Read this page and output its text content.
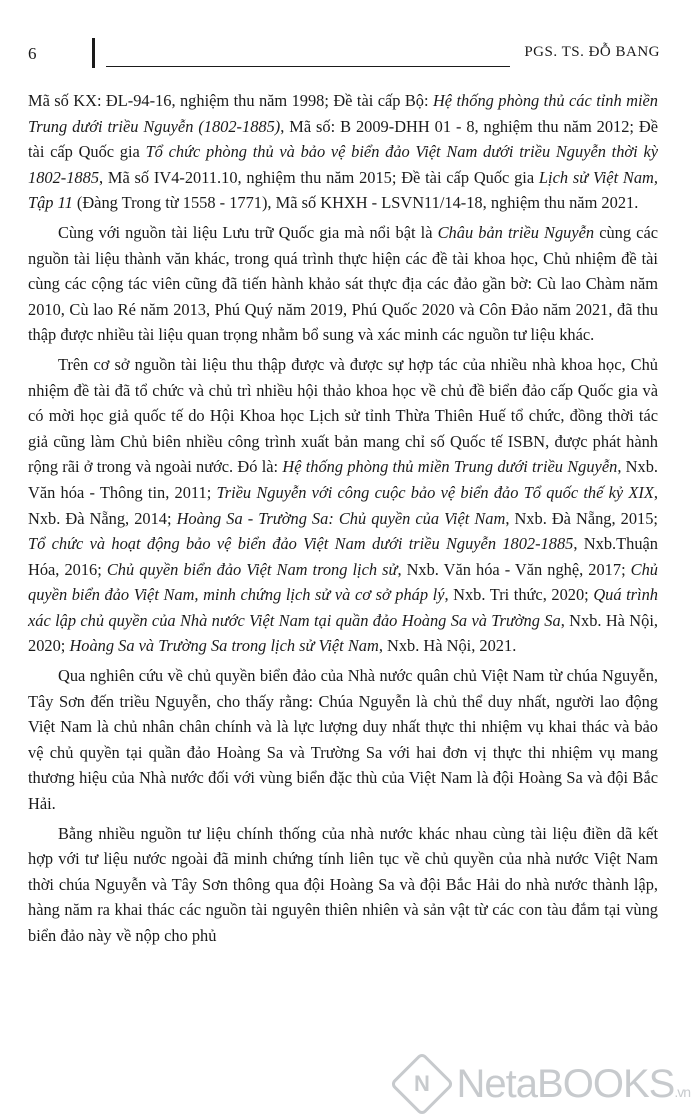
6	PGS. TS. ĐỖ BANG

Mã số KX: ĐL-94-16, nghiệm thu năm 1998; Đề tài cấp Bộ: Hệ thống phòng thủ các tỉnh miền Trung dưới triều Nguyễn (1802-1885), Mã số: B 2009-DHH 01 - 8, nghiệm thu năm 2012; Đề tài cấp Quốc gia Tổ chức phòng thủ và bảo vệ biển đảo Việt Nam dưới triều Nguyễn thời kỳ 1802-1885, Mã số IV4-2011.10, nghiệm thu năm 2015; Đề tài cấp Quốc gia Lịch sử Việt Nam, Tập 11 (Đàng Trong từ 1558 - 1771), Mã số KHXH - LSVN11/14-18, nghiệm thu năm 2021.

Cùng với nguồn tài liệu Lưu trữ Quốc gia mà nổi bật là Châu bản triều Nguyễn cùng các nguồn tài liệu thành văn khác, trong quá trình thực hiện các đề tài khoa học, Chủ nhiệm đề tài cùng các cộng tác viên cũng đã tiến hành khảo sát thực địa các đảo gần bờ: Cù lao Chàm năm 2010, Cù lao Ré năm 2013, Phú Quý năm 2019, Phú Quốc 2020 và Côn Đảo năm 2021, đã thu thập được nhiều tài liệu quan trọng nhằm bổ sung và xác minh các nguồn tư liệu khác.

Trên cơ sở nguồn tài liệu thu thập được và được sự hợp tác của nhiều nhà khoa học, Chủ nhiệm đề tài đã tổ chức và chủ trì nhiều hội thảo khoa học về chủ đề biển đảo cấp Quốc gia và có mời học giả quốc tế do Hội Khoa học Lịch sử tỉnh Thừa Thiên Huế tổ chức, đồng thời tác giả cũng làm Chủ biên nhiều công trình xuất bản mang chỉ số Quốc tế ISBN, được phát hành rộng rãi ở trong và ngoài nước. Đó là: Hệ thống phòng thủ miền Trung dưới triều Nguyễn, Nxb. Văn hóa - Thông tin, 2011; Triều Nguyễn với công cuộc bảo vệ biển đảo Tổ quốc thế kỷ XIX, Nxb. Đà Nẵng, 2014; Hoàng Sa - Trường Sa: Chủ quyền của Việt Nam, Nxb. Đà Nẵng, 2015; Tổ chức và hoạt động bảo vệ biển đảo Việt Nam dưới triều Nguyễn 1802-1885, Nxb.Thuận Hóa, 2016; Chủ quyền biển đảo Việt Nam trong lịch sử, Nxb. Văn hóa - Văn nghệ, 2017; Chủ quyền biển đảo Việt Nam, minh chứng lịch sử và cơ sở pháp lý, Nxb. Tri thức, 2020; Quá trình xác lập chủ quyền của Nhà nước Việt Nam tại quần đảo Hoàng Sa và Trường Sa, Nxb. Hà Nội, 2020; Hoàng Sa và Trường Sa trong lịch sử Việt Nam, Nxb. Hà Nội, 2021.

Qua nghiên cứu về chủ quyền biển đảo của Nhà nước quân chủ Việt Nam từ chúa Nguyễn, Tây Sơn đến triều Nguyễn, cho thấy rằng: Chúa Nguyễn là chủ thể duy nhất, người lao động Việt Nam là chủ nhân chân chính và là lực lượng duy nhất thực thi nhiệm vụ khai thác và bảo vệ chủ quyền tại quần đảo Hoàng Sa và Trường Sa với hai đơn vị thực thi nhiệm vụ mang thương hiệu của Nhà nước đối với vùng biển đặc thù của Việt Nam là đội Hoàng Sa và đội Bắc Hải.

Bằng nhiều nguồn tư liệu chính thống của nhà nước khác nhau cùng tài liệu điền dã kết hợp với tư liệu nước ngoài đã minh chứng tính liên tục về chủ quyền của nhà nước Việt Nam thời chúa Nguyễn và Tây Sơn thông qua đội Hoàng Sa và đội Bắc Hải do nhà nước thành lập, hàng năm ra khai thác các nguồn tài nguyên thiên nhiên và sản vật từ các con tàu đắm tại vùng biển đảo này về nộp cho phủ

N NetaBOOKS.vn
